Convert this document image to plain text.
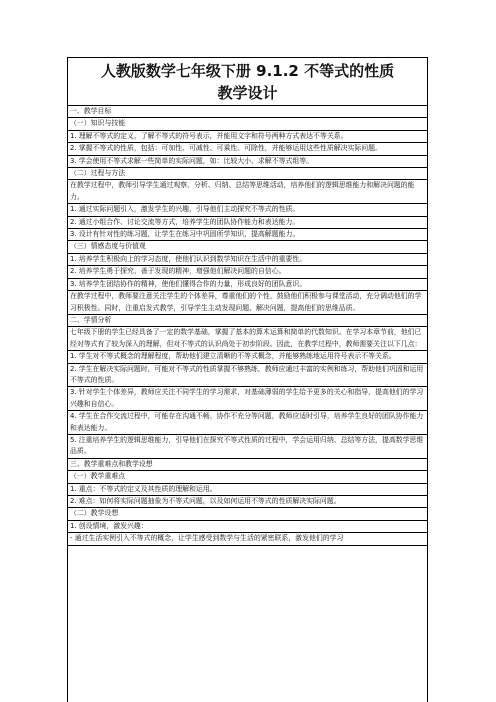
人教版数学七年级下册 9.1.2 不等式的性质
教学设计
一、教学目标
（一）知识与技能
1. 理解不等式的定义，了解不等式的符号表示，并能用文字和符号两种方式表达不等关系。
2. 掌握不等式的性质，包括：可加性、可减性、可乘性、可除性，并能够运用这些性质解决实际问题。
3. 学会使用不等式求解一些简单的实际问题，如：比较大小、求解不等式组等。
（二）过程与方法
在教学过程中，教师引导学生通过观察、分析、归纳、总结等思维活动，培养他们的逻辑思维能力和解决问题的能力。
1. 通过实际问题引入，激发学生的兴趣，引导他们主动探究不等式的性质。
2. 通过小组合作、讨论交流等方式，培养学生的团队协作能力和表达能力。
3. 设计有针对性的练习题，让学生在练习中巩固所学知识，提高解题能力。
（三）情感态度与价值观
1. 培养学生积极向上的学习态度，使他们认识到数学知识在生活中的重要性。
2. 培养学生勇于探究、善于发现的精神，增强他们解决问题的自信心。
3. 培养学生团结协作的精神，使他们懂得合作的力量，形成良好的团队意识。
在教学过程中，教师要注意关注学生的个体差异，尊重他们的个性，鼓励他们积极参与课堂活动，充分调动他们的学习积极性。同时，注重启发式教学，引导学生主动发现问题、解决问题，提高他们的思维品质。
二、学情分析
七年级下册的学生已经具备了一定的数学基础，掌握了基本的算术运算和简单的代数知识。在学习本章节前，他们已经对等式有了较为深入的理解，但对不等式的认识尚处于初步阶段。因此，在教学过程中，教师需要关注以下几点：
1. 学生对不等式概念的理解程度，帮助他们建立清晰的不等式概念，并能够熟练地运用符号表示不等关系。
2. 学生在解决实际问题时，可能对不等式的性质掌握不够熟练，教师应通过丰富的实例和练习，帮助他们巩固和运用不等式的性质。
3. 针对学生个体差异，教师应关注不同学生的学习需求，对基础薄弱的学生给予更多的关心和指导，提高他们的学习兴趣和自信心。
4. 学生在合作交流过程中，可能存在沟通不畅、协作不充分等问题，教师应适时引导，培养学生良好的团队协作能力和表达能力。
5. 注重培养学生的逻辑思维能力，引导他们在探究不等式性质的过程中，学会运用归纳、总结等方法，提高数学思维品质。
三、教学重难点和教学设想
（一）教学重难点
1. 重点：不等式的定义及其性质的理解和运用。
2. 难点：如何将实际问题抽象为不等式问题，以及如何运用不等式的性质解决实际问题。
（二）教学设想
1. 创设情境，激发兴趣：
- 通过生活实例引入不等式的概念，让学生感受到数学与生活的紧密联系，激发他们的学习
